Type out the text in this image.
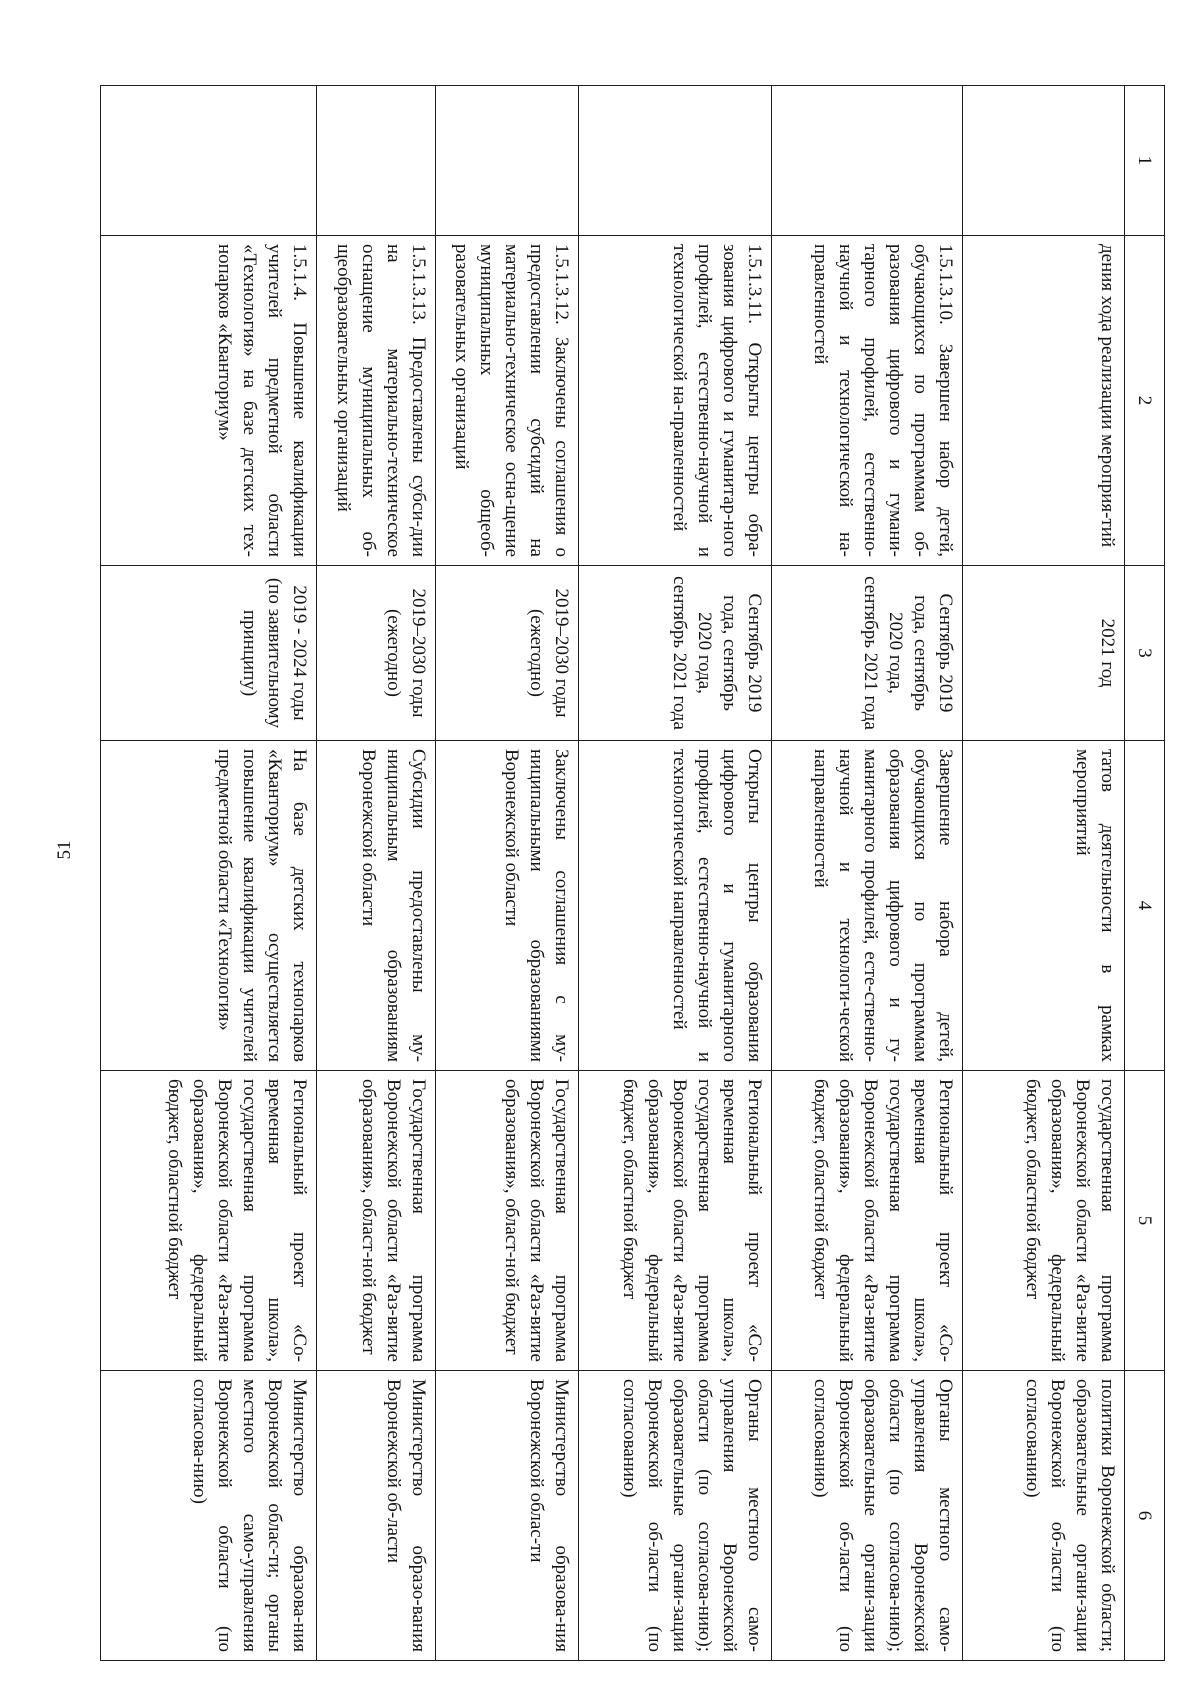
51
1	2	3	4	5	6
	дения хода реализации мероприя-тий	2021 год	татов деятельности в рамках мероприятий	государственная программа Воронежской области «Раз-витие образования», федеральный бюджет, областной бюджет	политики Воронежской области; образовательные органи-зации Воронежской об-ласти (по согласованию)
	1.5.1.3.10. Завершен набор детей, обучающихся по программам об-разования цифрового и гумани-тарного профилей, естественно-научной и технологической на-правленностей	Сентябрь 2019 года, сентябрь 2020 года, сентябрь 2021 года	Завершение набора детей, обучающихся по программам образования цифрового и гу-манитарного профилей, есте-ственно-научной и технологи-ческой направленностей	Региональный проект «Со-временная школа», государственная программа Воронежской области «Раз-витие образования», федеральный бюджет, областной бюджет	Органы местного само-управления Воронежской области (по согласова-нию); образовательные органи-зации Воронежской об-ласти (по согласованию)
	1.5.1.3.11. Открыты центры обра-зования цифрового и гуманитар-ного профилей, естественно-научной и технологической на-правленностей	Сентябрь 2019 года, сентябрь 2020 года, сентябрь 2021 года	Открыты центры образования цифрового и гуманитарного профилей, естественно-научной и технологической направленностей	Региональный проект «Со-временная школа», государственная программа Воронежской области «Раз-витие образования», федеральный бюджет, областной бюджет	Органы местного само-управления Воронежской области (по согласова-нию); образовательные органи-зации Воронежской об-ласти (по согласованию)
	1.5.1.3.12. Заключены соглашения о предоставлении субсидий на материально-техническое осна-щение муниципальных общеоб-разовательных организаций	2019–2030 годы (ежегодно)	Заключены соглашения с му-ниципальными образованиями Воронежской области	Государственная программа Воронежской области «Раз-витие образования», област-ной бюджет	Министерство образова-ния Воронежской облас-ти
	1.5.1.3.13. Предоставлены субси-дии на материально-техническое оснащение муниципальных об-щеобразовательных организаций	2019–2030 годы (ежегодно)	Субсидии предоставлены му-ниципальным образованиям Воронежской области	Государственная программа Воронежской области «Раз-витие образования», област-ной бюджет	Министерство образо-вания Воронежской об-ласти
	1.5.1.4. Повышение квалификации учителей предметной области «Технология» на базе детских тех-нопарков «Кванториум»	2019 - 2024 годы (по заявительному принципу)	На базе детских технопарков «Кванториум» осуществляется повышение квалификации учителей предметной области «Технология»	Региональный проект «Со-временная школа», государственная программа Воронежской области «Раз-витие образования», федеральный бюджет, областной бюджет	Министерство образова-ния Воронежской облас-ти; органы местного само-управления Воронежской области (по согласова-нию)
